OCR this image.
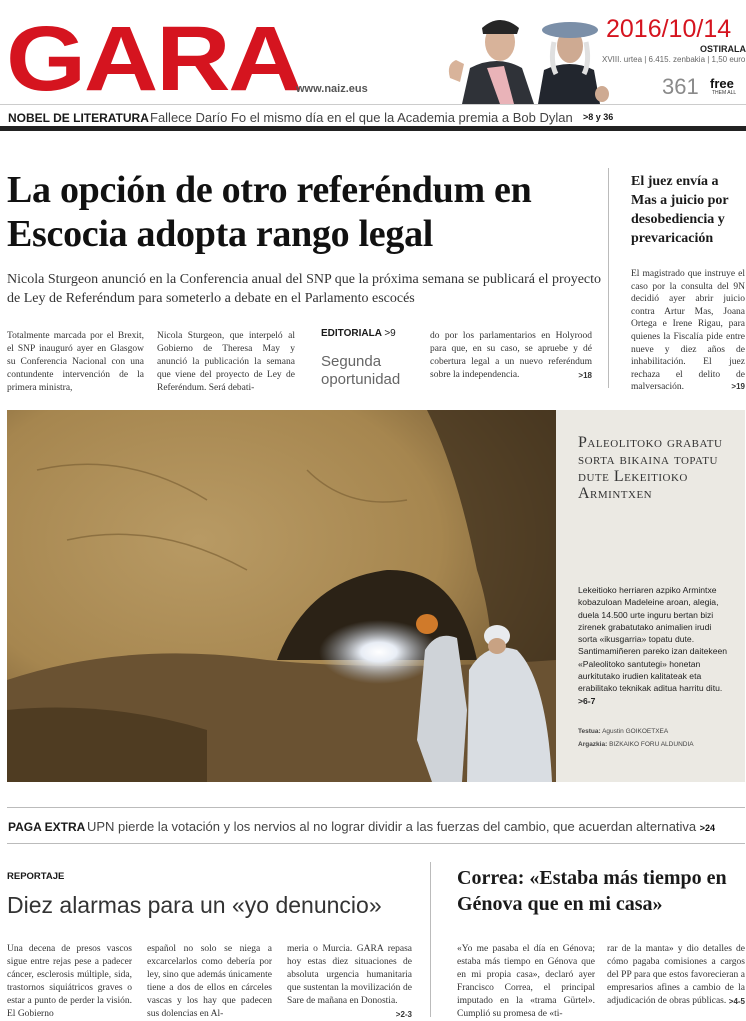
GARA
www.naiz.eus
2016/10/14
OSTIRALA
XVIII. urtea | 6.415. zenbakia | 1,50 euro
361 free
THEM ALL
NOBEL DE LITERATURA Fallece Darío Fo el mismo día en el que la Academia premia a Bob Dylan >8 y 36
La opción de otro referéndum en Escocia adopta rango legal
Nicola Sturgeon anunció en la Conferencia anual del SNP que la próxima semana se publicará el proyecto de Ley de Referéndum para someterlo a debate en el Parlamento escocés
Totalmente marcada por el Brexit, el SNP inauguró ayer en Glasgow su Conferencia Nacional con una contundente intervención de la primera ministra,
Nicola Sturgeon, que interpeló al Gobierno de Theresa May y anunció la publicación la semana que viene del proyecto de Ley de Referéndum. Será debati-
EDITORIALA >9
Segunda oportunidad
do por los parlamentarios en Holyrood para que, en su caso, se apruebe y dé cobertura legal a un nuevo referéndum sobre la independencia.	>18
El juez envía a Mas a juicio por desobediencia y prevaricación
El magistrado que instruye el caso por la consulta del 9N decidió ayer abrir juicio contra Artur Mas, Joana Ortega e Irene Rigau, para quienes la Fiscalía pide entre nueve y diez años de inhabilitación. El juez rechaza el delito de malversación.	>19
Paleolitoko grabatu sorta bikaina topatu dute Lekeitioko Armintxen
Lekeitioko herriaren azpiko Armintxe kobazuloan Madeleine aroan, alegia, duela 14.500 urte inguru bertan bizi zirenek grabatutako animalien irudi sorta «ikusgarria» topatu dute. Santimamiñeren pareko izan daitekeen «Paleolitoko santutegi» honetan aurkitutako irudien kalitateak eta erabilitako teknikak aditua harritu ditu. >6-7
Testua: Agustin GOIKOETXEA
Argazkia: BIZKAIKO FORU ALDUNDIA
PAGA EXTRA UPN pierde la votación y los nervios al no lograr dividir a las fuerzas del cambio, que acuerdan alternativa >24
REPORTAJE
Diez alarmas para un «yo denuncio»
Una decena de presos vascos sigue entre rejas pese a padecer cáncer, esclerosis múltiple, sida, trastornos siquiátricos graves o estar a punto de perder la visión. El Gobierno
español no solo se niega a excarcelarlos como debería por ley, sino que además únicamente tiene a dos de ellos en cárceles vascas y los hay que padecen sus dolencias en Al-
meria o Murcia. GARA repasa hoy estas diez situaciones de absoluta urgencia humanitaria que sustentan la movilización de Sare de mañana en Donostia.
>2-3
Correa: «Estaba más tiempo en Génova que en mi casa»
«Yo me pasaba el día en Génova; estaba más tiempo en Génova que en mi propia casa», declaró ayer Francisco Correa, el principal imputado en la «trama Gürtel». Cumplió su promesa de «ti-
rar de la manta» y dio detalles de cómo pagaba comisiones a cargos del PP para que estos favorecieran a empresarios afines a cambio de la adjudicación de obras públicas. >4-5
